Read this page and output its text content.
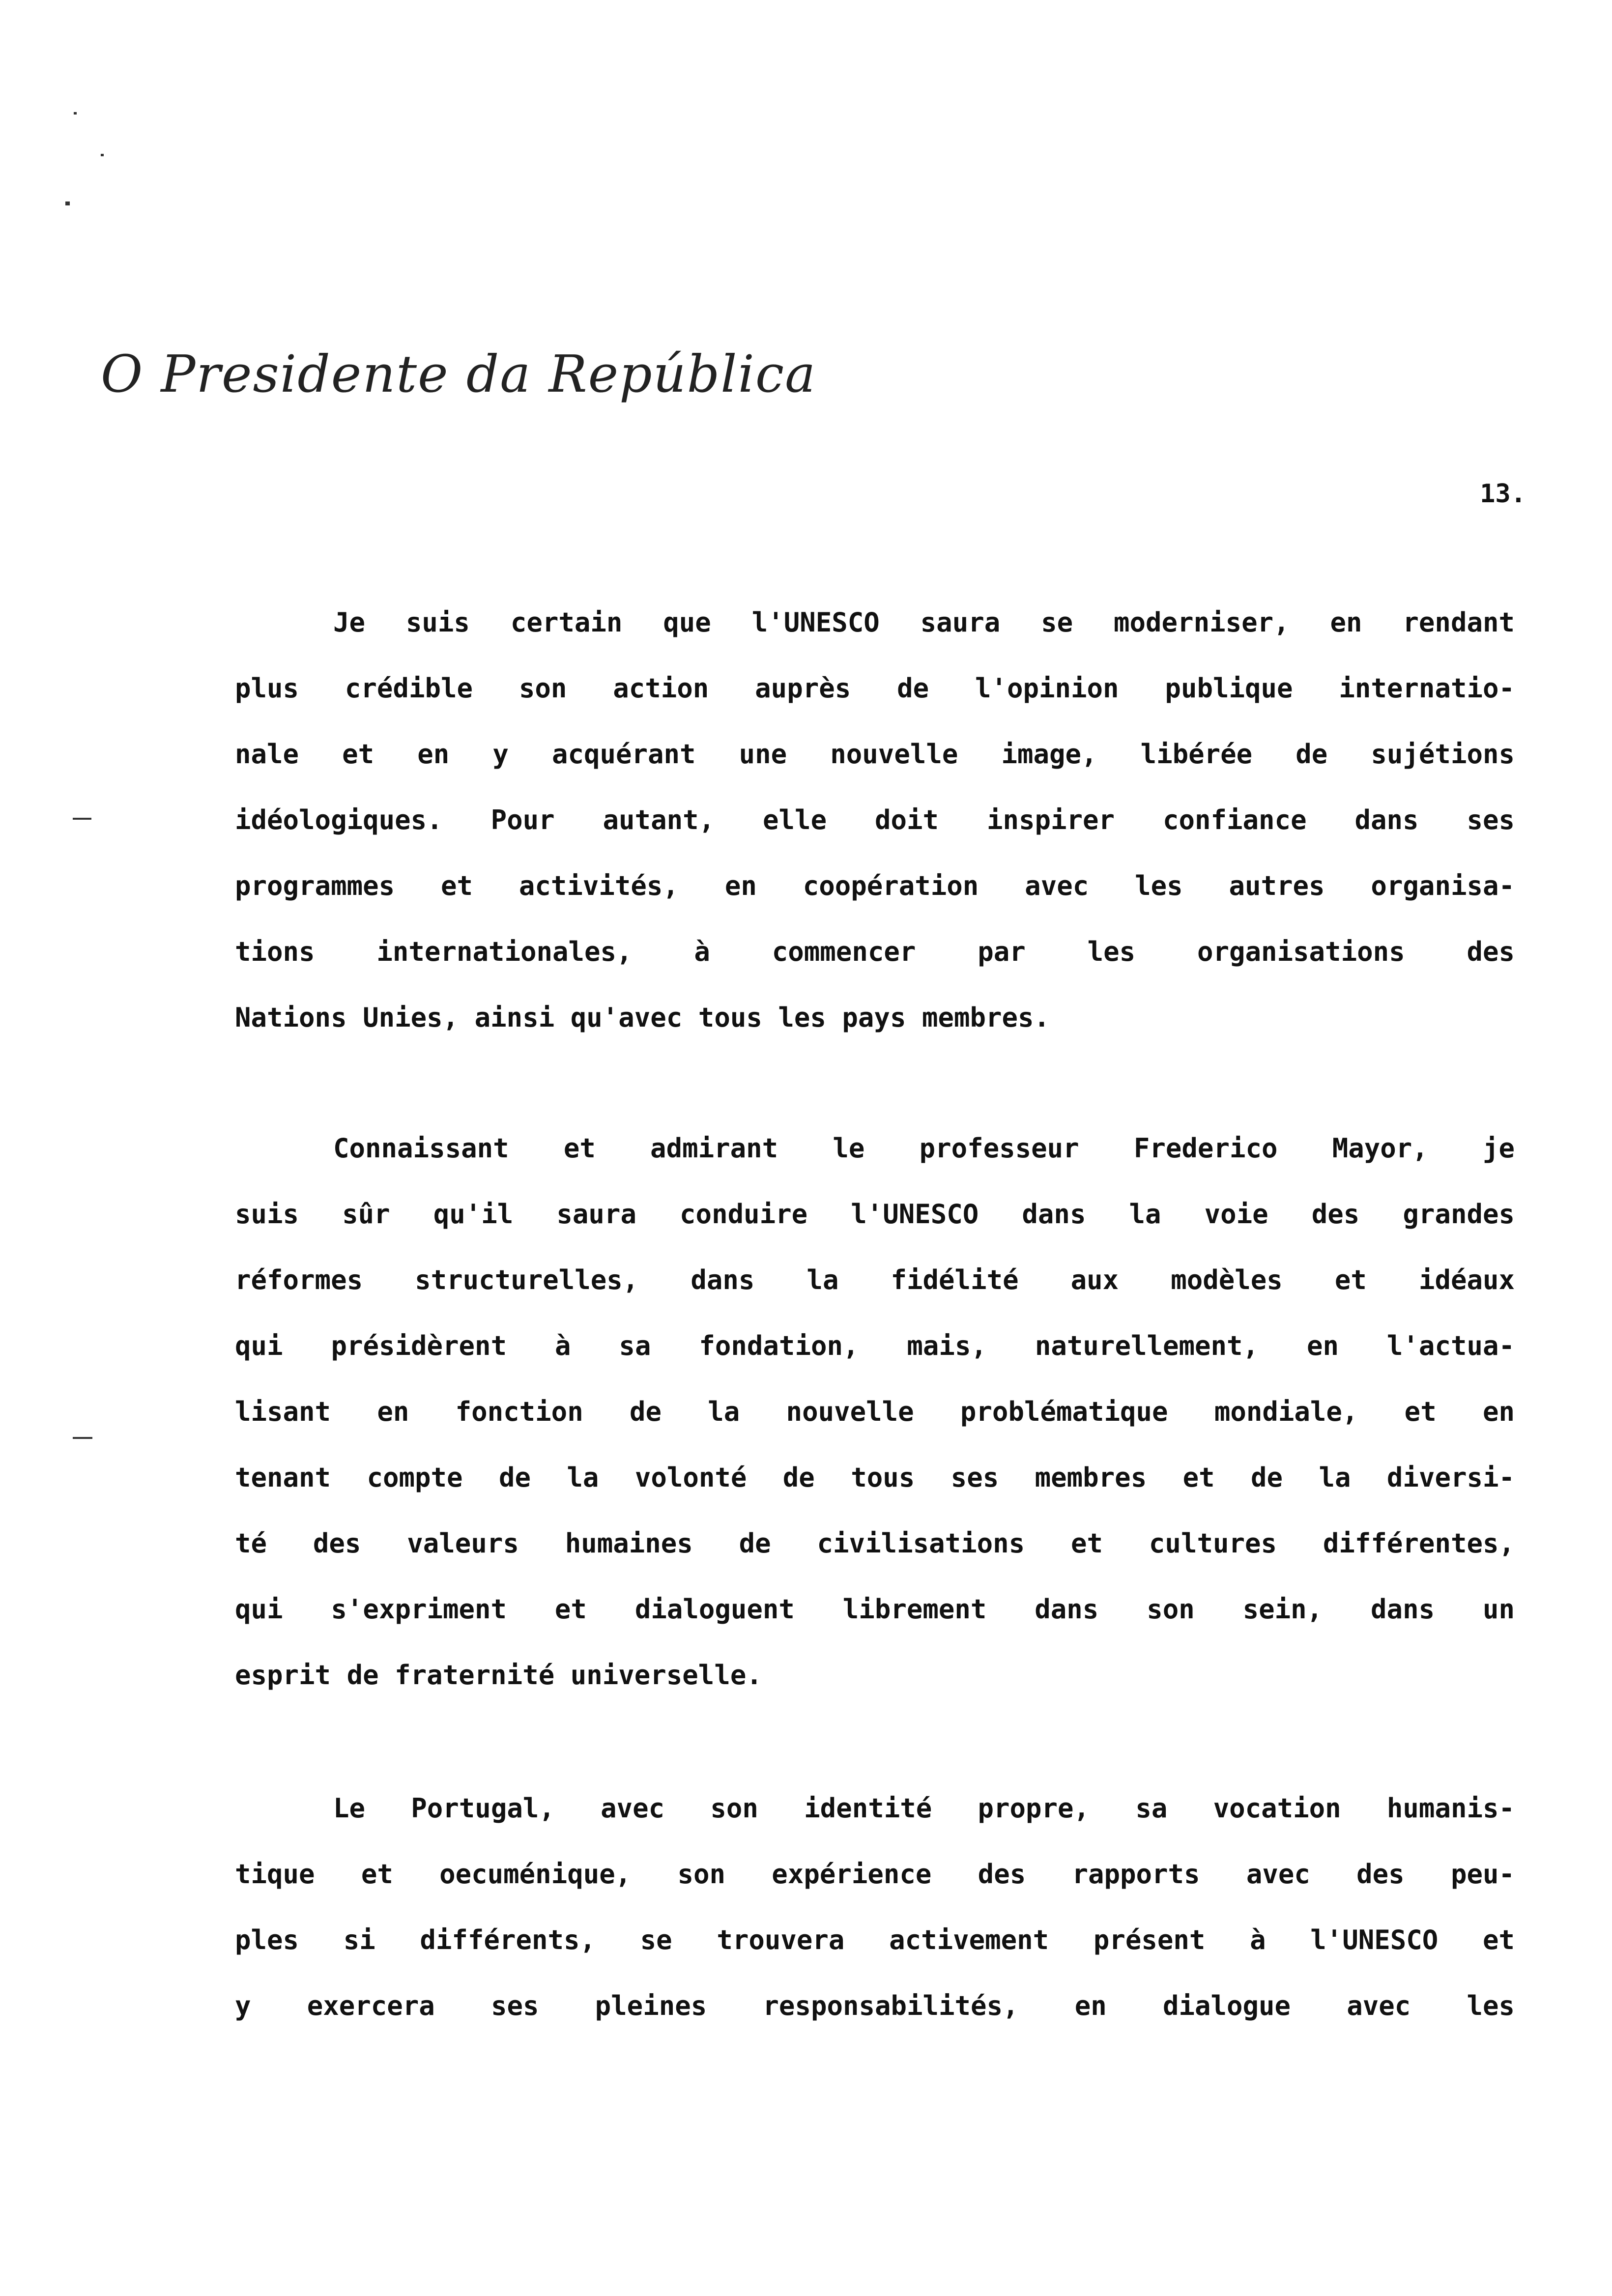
O Presidente da República
13.
Je suis certain que l'UNESCO saura se moderniser, en rendant
plus crédible son action auprès de l'opinion publique internatio-
nale et en y acquérant une nouvelle image, libérée de sujétions
idéologiques. Pour autant, elle doit inspirer confiance dans ses
programmes et activités, en coopération avec les autres organisa-
tions internationales, à commencer par les organisations des
Nations Unies, ainsi qu'avec tous les pays membres.
Connaissant et admirant le professeur Frederico Mayor, je
suis sûr qu'il saura conduire l'UNESCO dans la voie des grandes
réformes structurelles, dans la fidélité aux modèles et idéaux
qui présidèrent à sa fondation, mais, naturellement, en l'actua-
lisant en fonction de la nouvelle problématique mondiale, et en
tenant compte de la volonté de tous ses membres et de la diversi-
té des valeurs humaines de civilisations et cultures différentes,
qui s'expriment et dialoguent librement dans son sein, dans un
esprit de fraternité universelle.
Le Portugal, avec son identité propre, sa vocation humanis-
tique et oecuménique, son expérience des rapports avec des peu-
ples si différents, se trouvera activement présent à l'UNESCO et
y exercera ses pleines responsabilités, en dialogue avec les
